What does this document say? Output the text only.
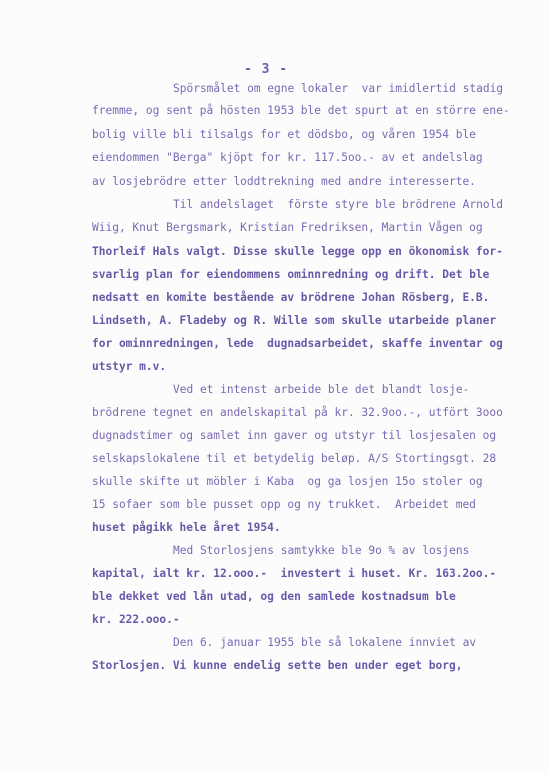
- 3 -
Spörsmålet om egne lokaler  var imidlertid stadig
fremme, og sent på hösten 1953 ble det spurt at en större ene-
bolig ville bli tilsalgs for et dödsbo, og våren 1954 ble
eiendommen "Berga" kjöpt for kr. 117.5oo.- av et andelslag
av losjebrödre etter loddtrekning med andre interesserte.
Til andelslaget  förste styre ble brödrene Arnold
Wiig, Knut Bergsmark, Kristian Fredriksen, Martin Vågen og
Thorleif Hals valgt. Disse skulle legge opp en ökonomisk for-
svarlig plan for eiendommens ominnredning og drift. Det ble
nedsatt en komite bestående av brödrene Johan Rösberg, E.B.
Lindseth, A. Fladeby og R. Wille som skulle utarbeide planer
for ominnredningen, lede  dugnadsarbeidet, skaffe inventar og
utstyr m.v.
Ved et intenst arbeide ble det blandt losje-
brödrene tegnet en andelskapital på kr. 32.9oo.-, utfört 3ooo
dugnadstimer og samlet inn gaver og utstyr til losjesalen og
selskapslokalene til et betydelig beløp. A/S Stortingsgt. 28
skulle skifte ut möbler i Kaba  og ga losjen 15o stoler og
15 sofaer som ble pusset opp og ny trukket.  Arbeidet med
huset pågikk hele året 1954.
Med Storlosjens samtykke ble 9o % av losjens
kapital, ialt kr. 12.ooo.-  investert i huset. Kr. 163.2oo.-
ble dekket ved lån utad, og den samlede kostnadsum ble
kr. 222.ooo.-
Den 6. januar 1955 ble så lokalene innviet av
Storlosjen. Vi kunne endelig sette ben under eget borg,
